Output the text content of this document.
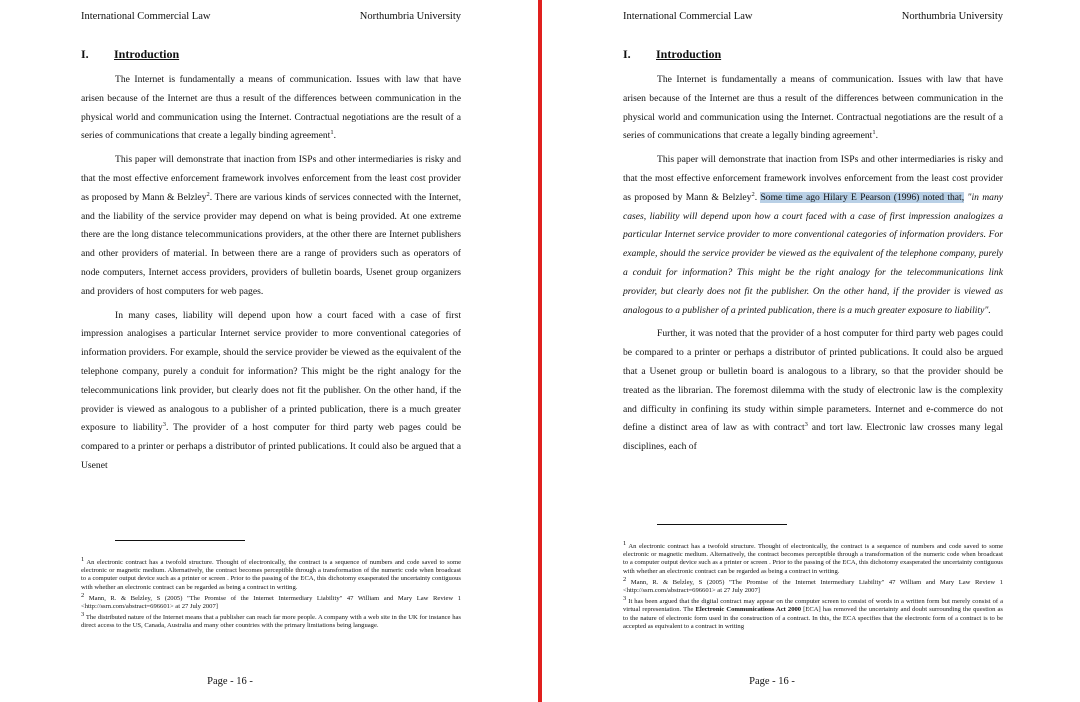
International Commercial Law	Northumbria University
I. Introduction

The Internet is fundamentally a means of communication. Issues with law that have arisen because of the Internet are thus a result of the differences between communication in the physical world and communication using the Internet. Contractual negotiations are the result of a series of communications that create a legally binding agreement$^1$.

This paper will demonstrate that inaction from ISPs and other intermediaries is risky and that the most effective enforcement framework involves enforcement from the least cost provider as proposed by Mann & Belzley$^2$. There are various kinds of services connected with the Internet, and the liability of the service provider may depend on what is being provided. At one extreme there are the long distance telecommunications providers, at the other there are Internet publishers and other providers of material. In between there are a range of providers such as operators of node computers, Internet access providers, providers of bulletin boards, Usenet group organizers and providers of host computers for web pages.

In many cases, liability will depend upon how a court faced with a case of first impression analogises a particular Internet service provider to more conventional categories of information providers. For example, should the service provider be viewed as the equivalent of the telephone company, purely a conduit for information? This might be the right analogy for the telecommunications link provider, but clearly does not fit the publisher. On the other hand, if the provider is viewed as analogous to a publisher of a printed publication, there is a much greater exposure to liability$^3$. The provider of a host computer for third party web pages could be compared to a printer or perhaps a distributor of printed publications. It could also be argued that a Usenet

$^1$ An electronic contract has a twofold structure. Thought of electronically, the contract is a sequence of numbers and code saved to some electronic or magnetic medium. Alternatively, the contract becomes perceptible through a transformation of the numeric code when broadcast to a computer output device such as a printer or screen . Prior to the passing of the ECA, this dichotomy exasperated the uncertainty contiguous with whether an electronic contract can be regarded as being a contract in writing.

$^2$ Mann, R. & Belzley, S (2005) "The Promise of the Internet Intermediary Liability" 47 William and Mary Law Review 1 <http://ssrn.com/abstract=696601> at 27 July 2007]

$^3$ The distributed nature of the Internet means that a publisher can reach far more people. A company with a web site in the UK for instance has direct access to the US, Canada, Australia and many other countries with the primary limitations being language.

Page - 16 -
International Commercial Law	Northumbria University
I. Introduction

The Internet is fundamentally a means of communication. Issues with law that have arisen because of the Internet are thus a result of the differences between communication in the physical world and communication using the Internet. Contractual negotiations are the result of a series of communications that create a legally binding agreement$^1$.

This paper will demonstrate that inaction from ISPs and other intermediaries is risky and that the most effective enforcement framework involves enforcement from the least cost provider as proposed by Mann & Belzley$^2$. Some time ago Hilary E Pearson (1996) noted that, "in many cases, liability will depend upon how a court faced with a case of first impression analogizes a particular Internet service provider to more conventional categories of information providers. For example, should the service provider be viewed as the equivalent of the telephone company, purely a conduit for information? This might be the right analogy for the telecommunications link provider, but clearly does not fit the publisher. On the other hand, if the provider is viewed as analogous to a publisher of a printed publication, there is a much greater exposure to liability".

Further, it was noted that the provider of a host computer for third party web pages could be compared to a printer or perhaps a distributor of printed publications. It could also be argued that a Usenet group or bulletin board is analogous to a library, so that the provider should be treated as the librarian. The foremost dilemma with the study of electronic law is the complexity and difficulty in confining its study within simple parameters. Internet and e-commerce do not define a distinct area of law as with contract$^3$ and tort law. Electronic law crosses many legal disciplines, each of

$^1$ An electronic contract has a twofold structure. Thought of electronically, the contract is a sequence of numbers and code saved to some electronic or magnetic medium. Alternatively, the contract becomes perceptible through a transformation of the numeric code when broadcast to a computer output device such as a printer or screen . Prior to the passing of the ECA, this dichotomy exasperated the uncertainty contiguous with whether an electronic contract can be regarded as being a contract in writing.

$^2$ Mann, R. & Belzley, S (2005) "The Promise of the Internet Intermediary Liability" 47 William and Mary Law Review 1 <http://ssrn.com/abstract=696601> at 27 July 2007]

$^3$ It has been argued that the digital contract may appear on the computer screen to consist of words in a written form but merely consist of a virtual representation. The Electronic Communications Act 2000 [ECA] has removed the uncertainty and doubt surrounding the question as to the nature of electronic form used in the construction of a contract. In this, the ECA specifies that the electronic form of a contract is to be accepted as equivalent to a contract in writing

Page - 16 -
